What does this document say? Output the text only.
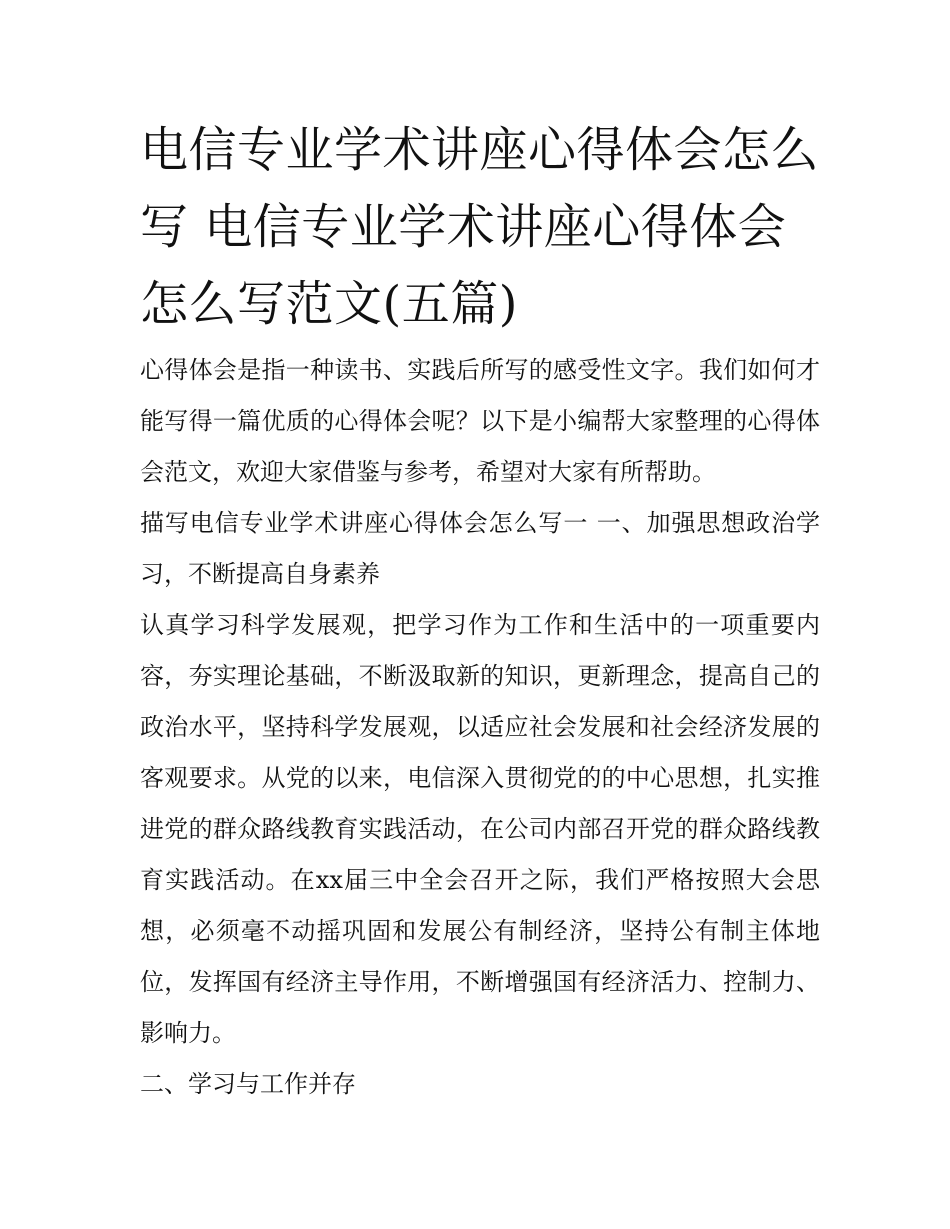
电信专业学术讲座心得体会怎么写 电信专业学术讲座心得体会怎么写范文(五篇)

心得体会是指一种读书、实践后所写的感受性文字。我们如何才能写得一篇优质的心得体会呢？以下是小编帮大家整理的心得体会范文，欢迎大家借鉴与参考，希望对大家有所帮助。

描写电信专业学术讲座心得体会怎么写一 一、加强思想政治学习，不断提高自身素养

认真学习科学发展观，把学习作为工作和生活中的一项重要内容，夯实理论基础，不断汲取新的知识，更新理念，提高自己的政治水平，坚持科学发展观，以适应社会发展和社会经济发展的客观要求。从党的以来，电信深入贯彻党的的中心思想，扎实推进党的群众路线教育实践活动，在公司内部召开党的群众路线教育实践活动。在xx届三中全会召开之际，我们严格按照大会思想，必须毫不动摇巩固和发展公有制经济，坚持公有制主体地位，发挥国有经济主导作用，不断增强国有经济活力、控制力、影响力。

二、学习与工作并存
